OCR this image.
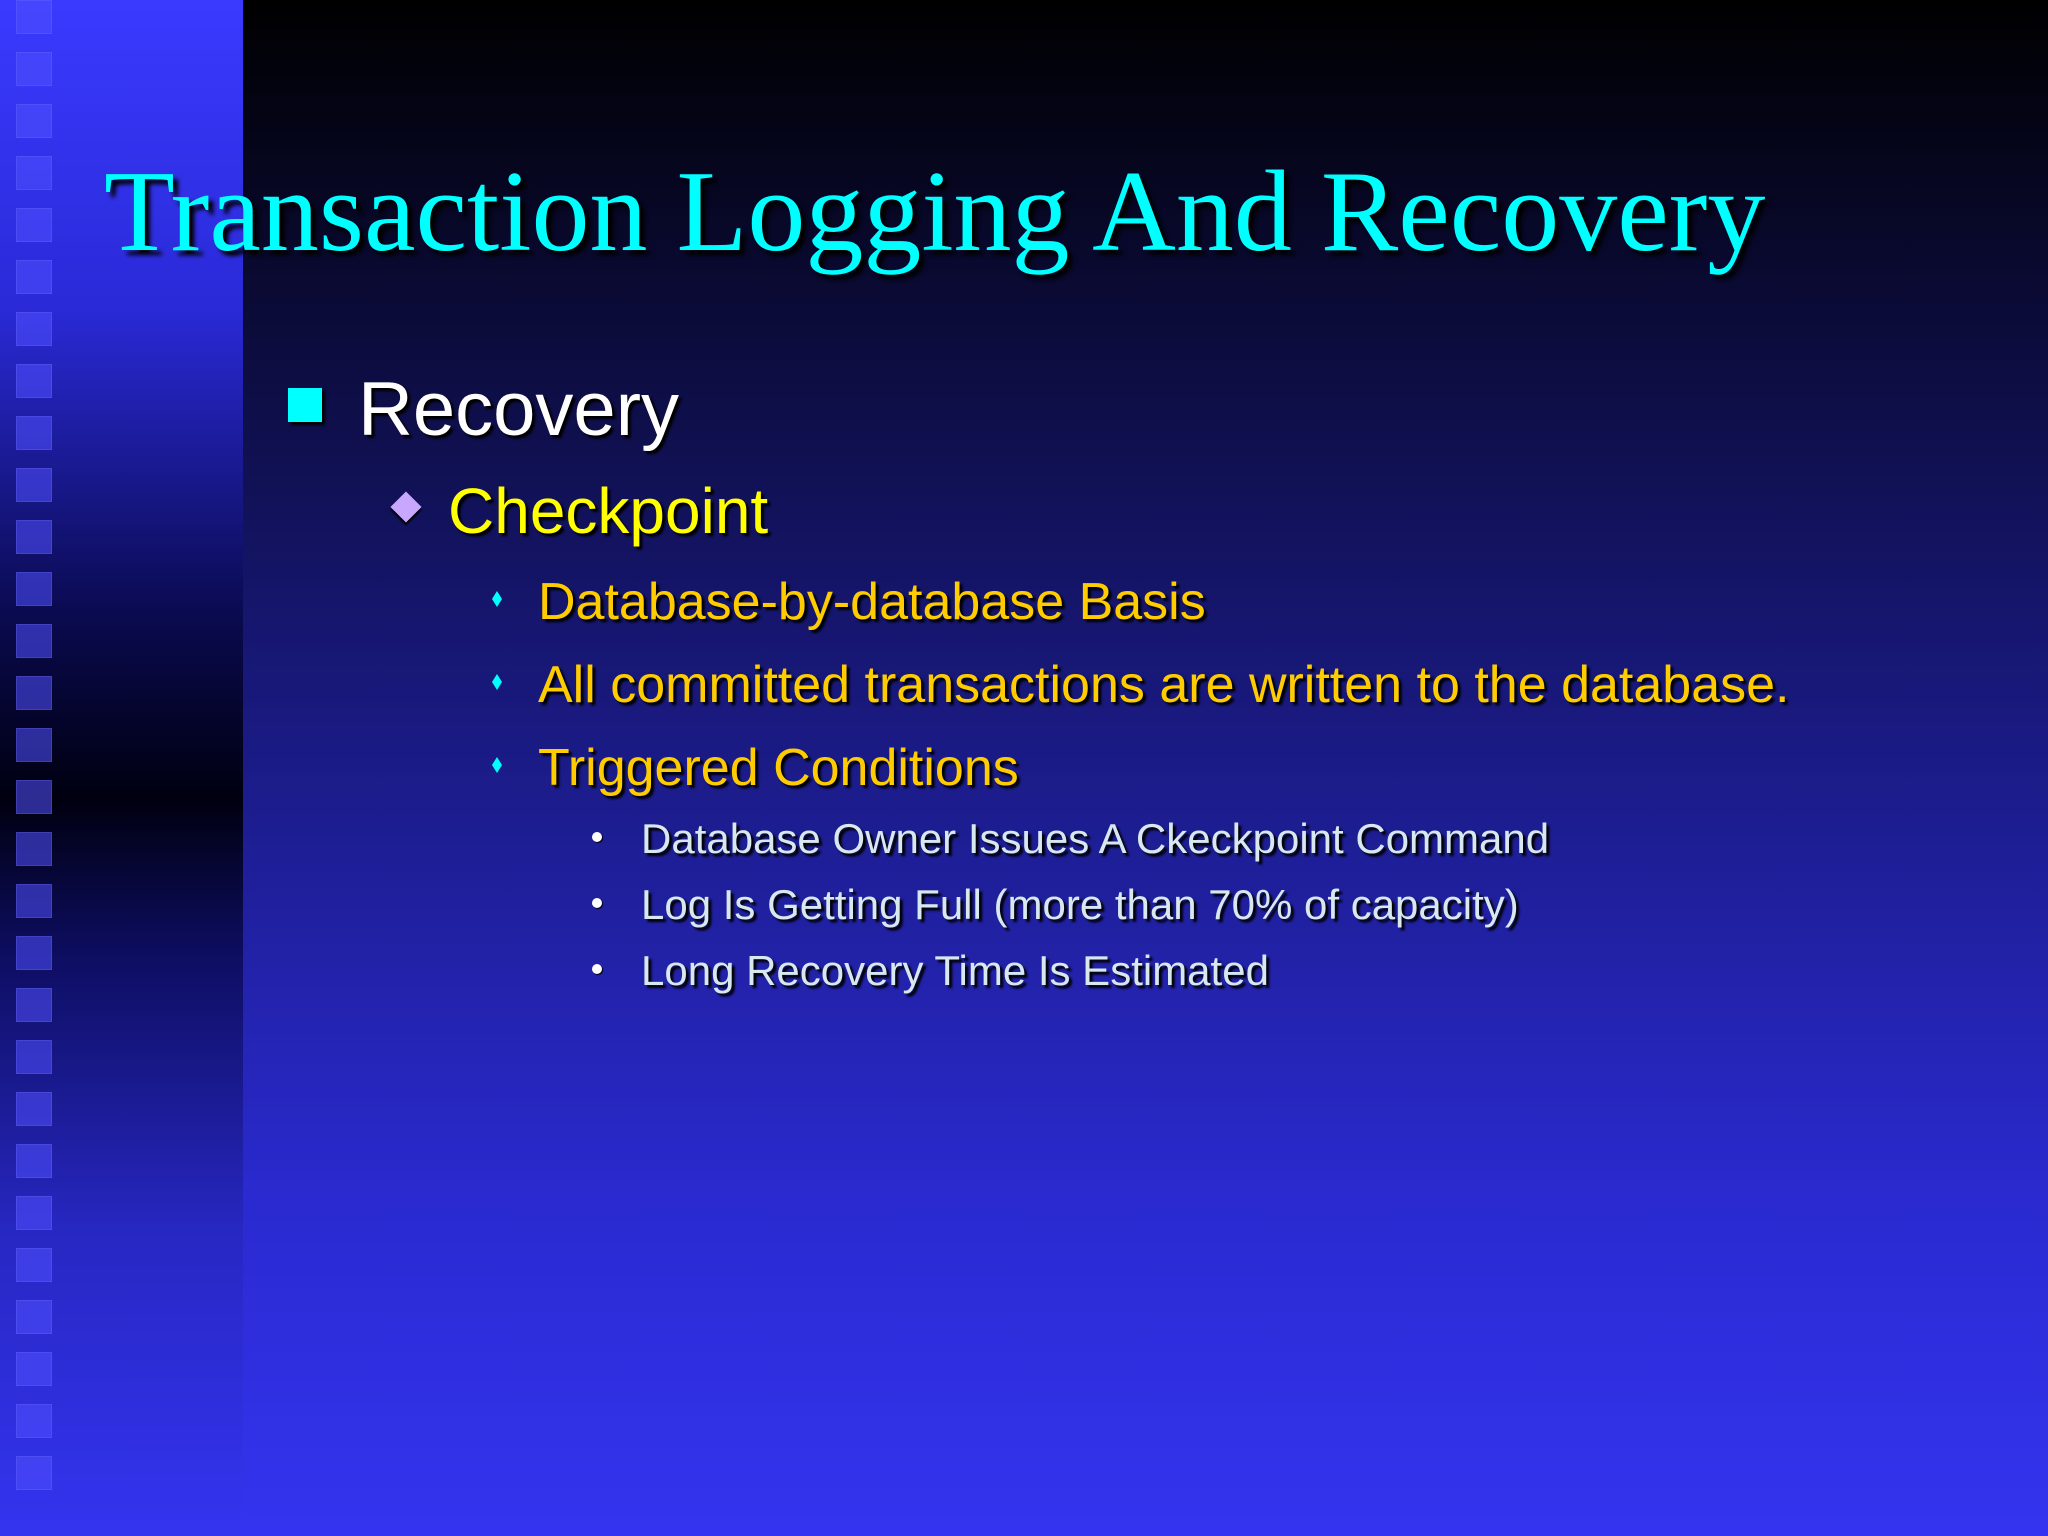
Transaction Logging And Recovery
Recovery
Checkpoint
Database-by-database Basis
All committed transactions are written to the database.
Triggered Conditions
Database Owner Issues A Ckeckpoint Command
Log Is Getting Full (more than 70% of capacity)
Long Recovery Time Is Estimated
